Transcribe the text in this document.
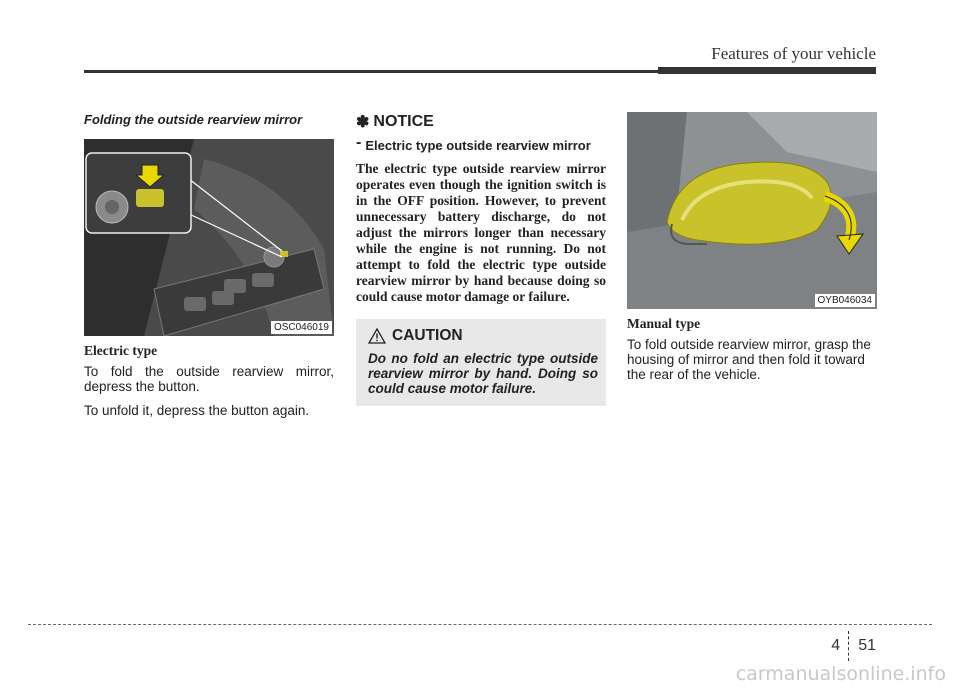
Features of your vehicle
Folding the outside rearview mirror
OSC046019
Electric type

To fold the outside rearview mirror, depress the button.

To unfold it, depress the button again.

✽ NOTICE
- Electric type outside rearview mirror

The electric type outside rearview mirror operates even though the ignition switch is in the OFF position. However, to prevent unnecessary battery discharge, do not adjust the mirrors longer than necessary while the engine is not running. Do not attempt to fold the electric type outside rearview mirror by hand because doing so could cause motor damage or failure.

CAUTION
Do no fold an electric type outside rearview mirror by hand. Doing so could cause motor failure.
OYB046034
Manual type

To fold outside rearview mirror, grasp the housing of mirror and then fold it toward the rear of the vehicle.

4	51
carmanualsonline.info
